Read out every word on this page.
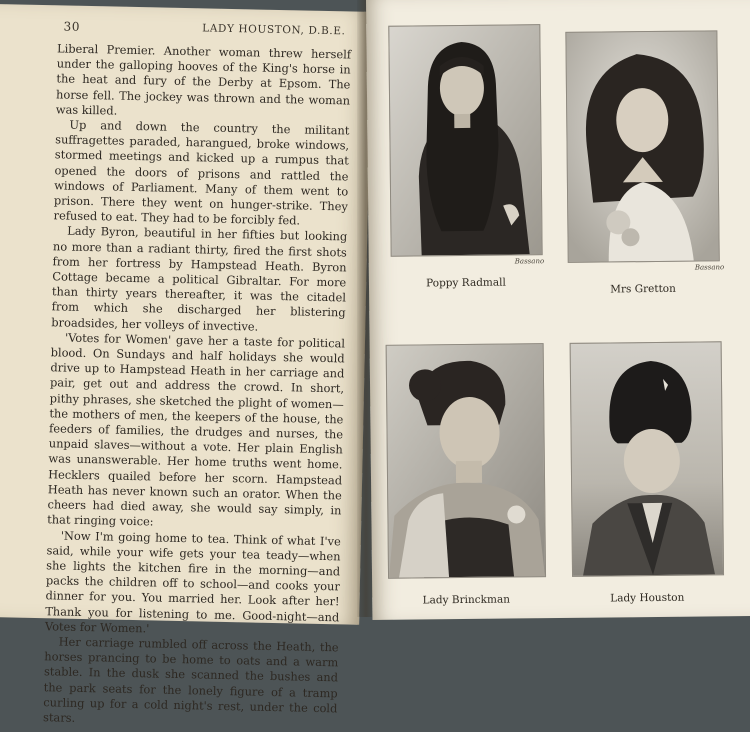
30	LADY HOUSTON, D.B.E.

Liberal Premier. Another woman threw herself under the galloping hooves of the King's horse in the heat and fury of the Derby at Epsom. The horse fell. The jockey was thrown and the woman was killed.

Up and down the country the militant suffragettes paraded, harangued, broke windows, stormed meetings and kicked up a rumpus that opened the doors of prisons and rattled the windows of Parliament. Many of them went to prison. There they went on hunger-strike. They refused to eat. They had to be forcibly fed.

Lady Byron, beautiful in her fifties but looking no more than a radiant thirty, fired the first shots from her fortress by Hampstead Heath. Byron Cottage became a political Gibraltar. For more than thirty years thereafter, it was the citadel from which she discharged her blistering broadsides, her volleys of invective.

'Votes for Women' gave her a taste for political blood. On Sundays and half holidays she would drive up to Hampstead Heath in her carriage and pair, get out and address the crowd. In short, pithy phrases, she sketched the plight of women—the mothers of men, the keepers of the house, the feeders of families, the drudges and nurses, the unpaid slaves—without a vote. Her plain English was unanswerable. Her home truths went home. Hecklers quailed before her scorn. Hampstead Heath has never known such an orator. When the cheers had died away, she would say simply, in that ringing voice:

'Now I'm going home to tea. Think of what I've said, while your wife gets your tea teady—when she lights the kitchen fire in the morning—and packs the children off to school—and cooks your dinner for you. You married her. Look after her! Thank you for listening to me. Good-night—and Votes for Women.'

Her carriage rumbled off across the Heath, the horses prancing to be home to oats and a warm stable. In the dusk she scanned the bushes and the park seats for the lonely figure of a tramp curling up for a cold night's rest, under the cold stars.

Bassano
Poppy Radmall
Bassano
Mrs Gretton
Lady Brinckman	Lady Houston
